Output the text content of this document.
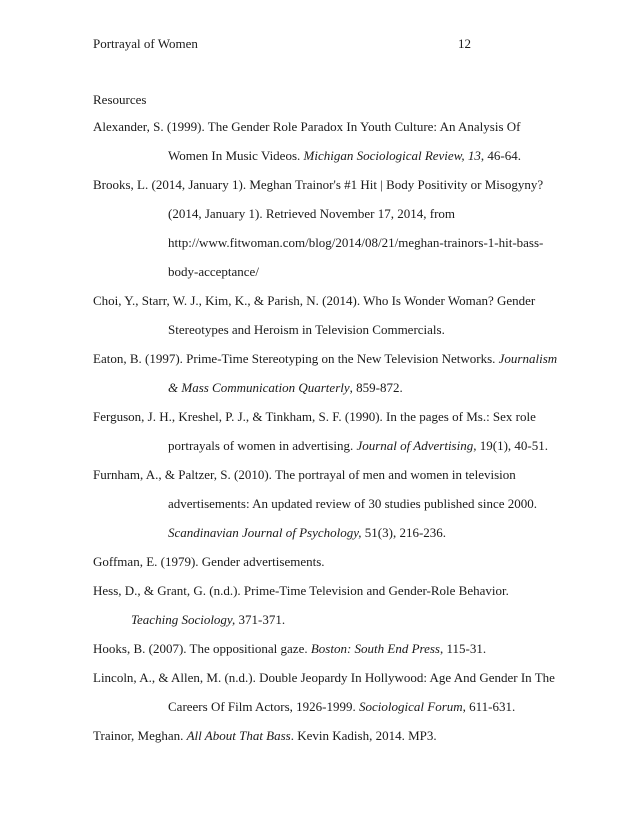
Portrayal of Women	12
Resources
Alexander, S. (1999). The Gender Role Paradox In Youth Culture: An Analysis Of
Women In Music Videos. Michigan Sociological Review, 13, 46-64.
Brooks, L. (2014, January 1). Meghan Trainor's #1 Hit | Body Positivity or Misogyny?
(2014, January 1). Retrieved November 17, 2014, from
http://www.fitwoman.com/blog/2014/08/21/meghan-trainors-1-hit-bass-
body-acceptance/
Choi, Y., Starr, W. J., Kim, K., & Parish, N. (2014). Who Is Wonder Woman? Gender
Stereotypes and Heroism in Television Commercials.
Eaton, B. (1997). Prime-Time Stereotyping on the New Television Networks. Journalism
& Mass Communication Quarterly, 859-872.
Ferguson, J. H., Kreshel, P. J., & Tinkham, S. F. (1990). In the pages of Ms.: Sex role
portrayals of women in advertising. Journal of Advertising, 19(1), 40-51.
Furnham, A., & Paltzer, S. (2010). The portrayal of men and women in television
advertisements: An updated review of 30 studies published since 2000.
Scandinavian Journal of Psychology, 51(3), 216-236.
Goffman, E. (1979). Gender advertisements.
Hess, D., & Grant, G. (n.d.). Prime-Time Television and Gender-Role Behavior.
Teaching Sociology, 371-371.
Hooks, B. (2007). The oppositional gaze. Boston: South End Press, 115-31.
Lincoln, A., & Allen, M. (n.d.). Double Jeopardy In Hollywood: Age And Gender In The
Careers Of Film Actors, 1926-1999. Sociological Forum, 611-631.
Trainor, Meghan. All About That Bass. Kevin Kadish, 2014. MP3.
